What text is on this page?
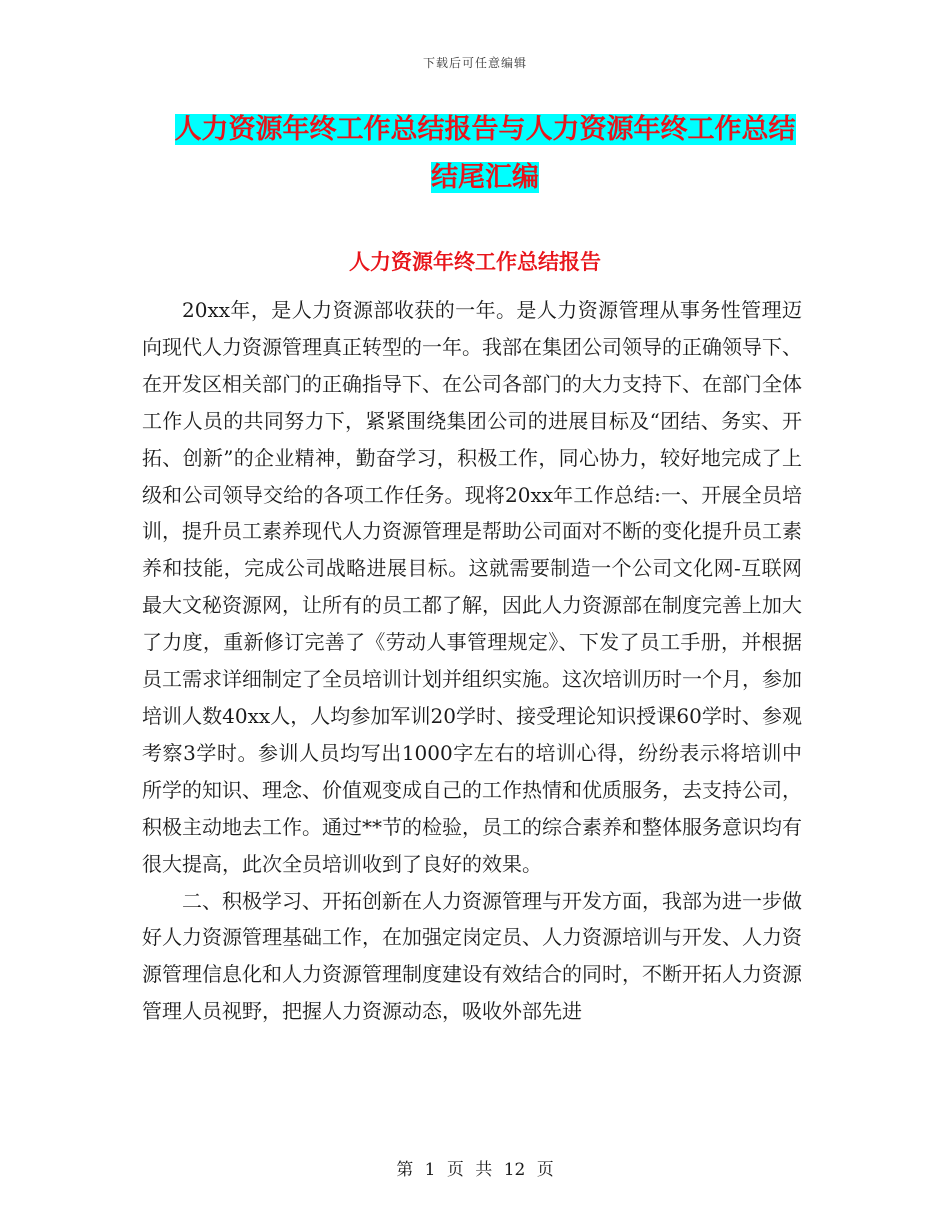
下载后可任意编辑
人力资源年终工作总结报告与人力资源年终工作总结
结尾汇编
人力资源年终工作总结报告

20xx年，是人力资源部收获的一年。是人力资源管理从事务性管理迈向现代人力资源管理真正转型的一年。我部在集团公司领导的正确领导下、在开发区相关部门的正确指导下、在公司各部门的大力支持下、在部门全体工作人员的共同努力下，紧紧围绕集团公司的进展目标及“团结、务实、开拓、创新”的企业精神，勤奋学习，积极工作，同心协力，较好地完成了上级和公司领导交给的各项工作任务。现将20xx年工作总结:一、开展全员培训，提升员工素养现代人力资源管理是帮助公司面对不断的变化提升员工素养和技能，完成公司战略进展目标。这就需要制造一个公司文化网-互联网最大文秘资源网，让所有的员工都了解，因此人力资源部在制度完善上加大了力度，重新修订完善了《劳动人事管理规定》、下发了员工手册，并根据员工需求详细制定了全员培训计划并组织实施。这次培训历时一个月，参加培训人数40xx人，人均参加军训20学时、接受理论知识授课60学时、参观考察3学时。参训人员均写出1000字左右的培训心得，纷纷表示将培训中所学的知识、理念、价值观变成自己的工作热情和优质服务，去支持公司，积极主动地去工作。通过**节的检验，员工的综合素养和整体服务意识均有很大提高，此次全员培训收到了良好的效果。

二、积极学习、开拓创新在人力资源管理与开发方面，我部为进一步做好人力资源管理基础工作，在加强定岗定员、人力资源培训与开发、人力资源管理信息化和人力资源管理制度建设有效结合的同时，不断开拓人力资源管理人员视野，把握人力资源动态，吸收外部先进

第 1 页 共 12 页
